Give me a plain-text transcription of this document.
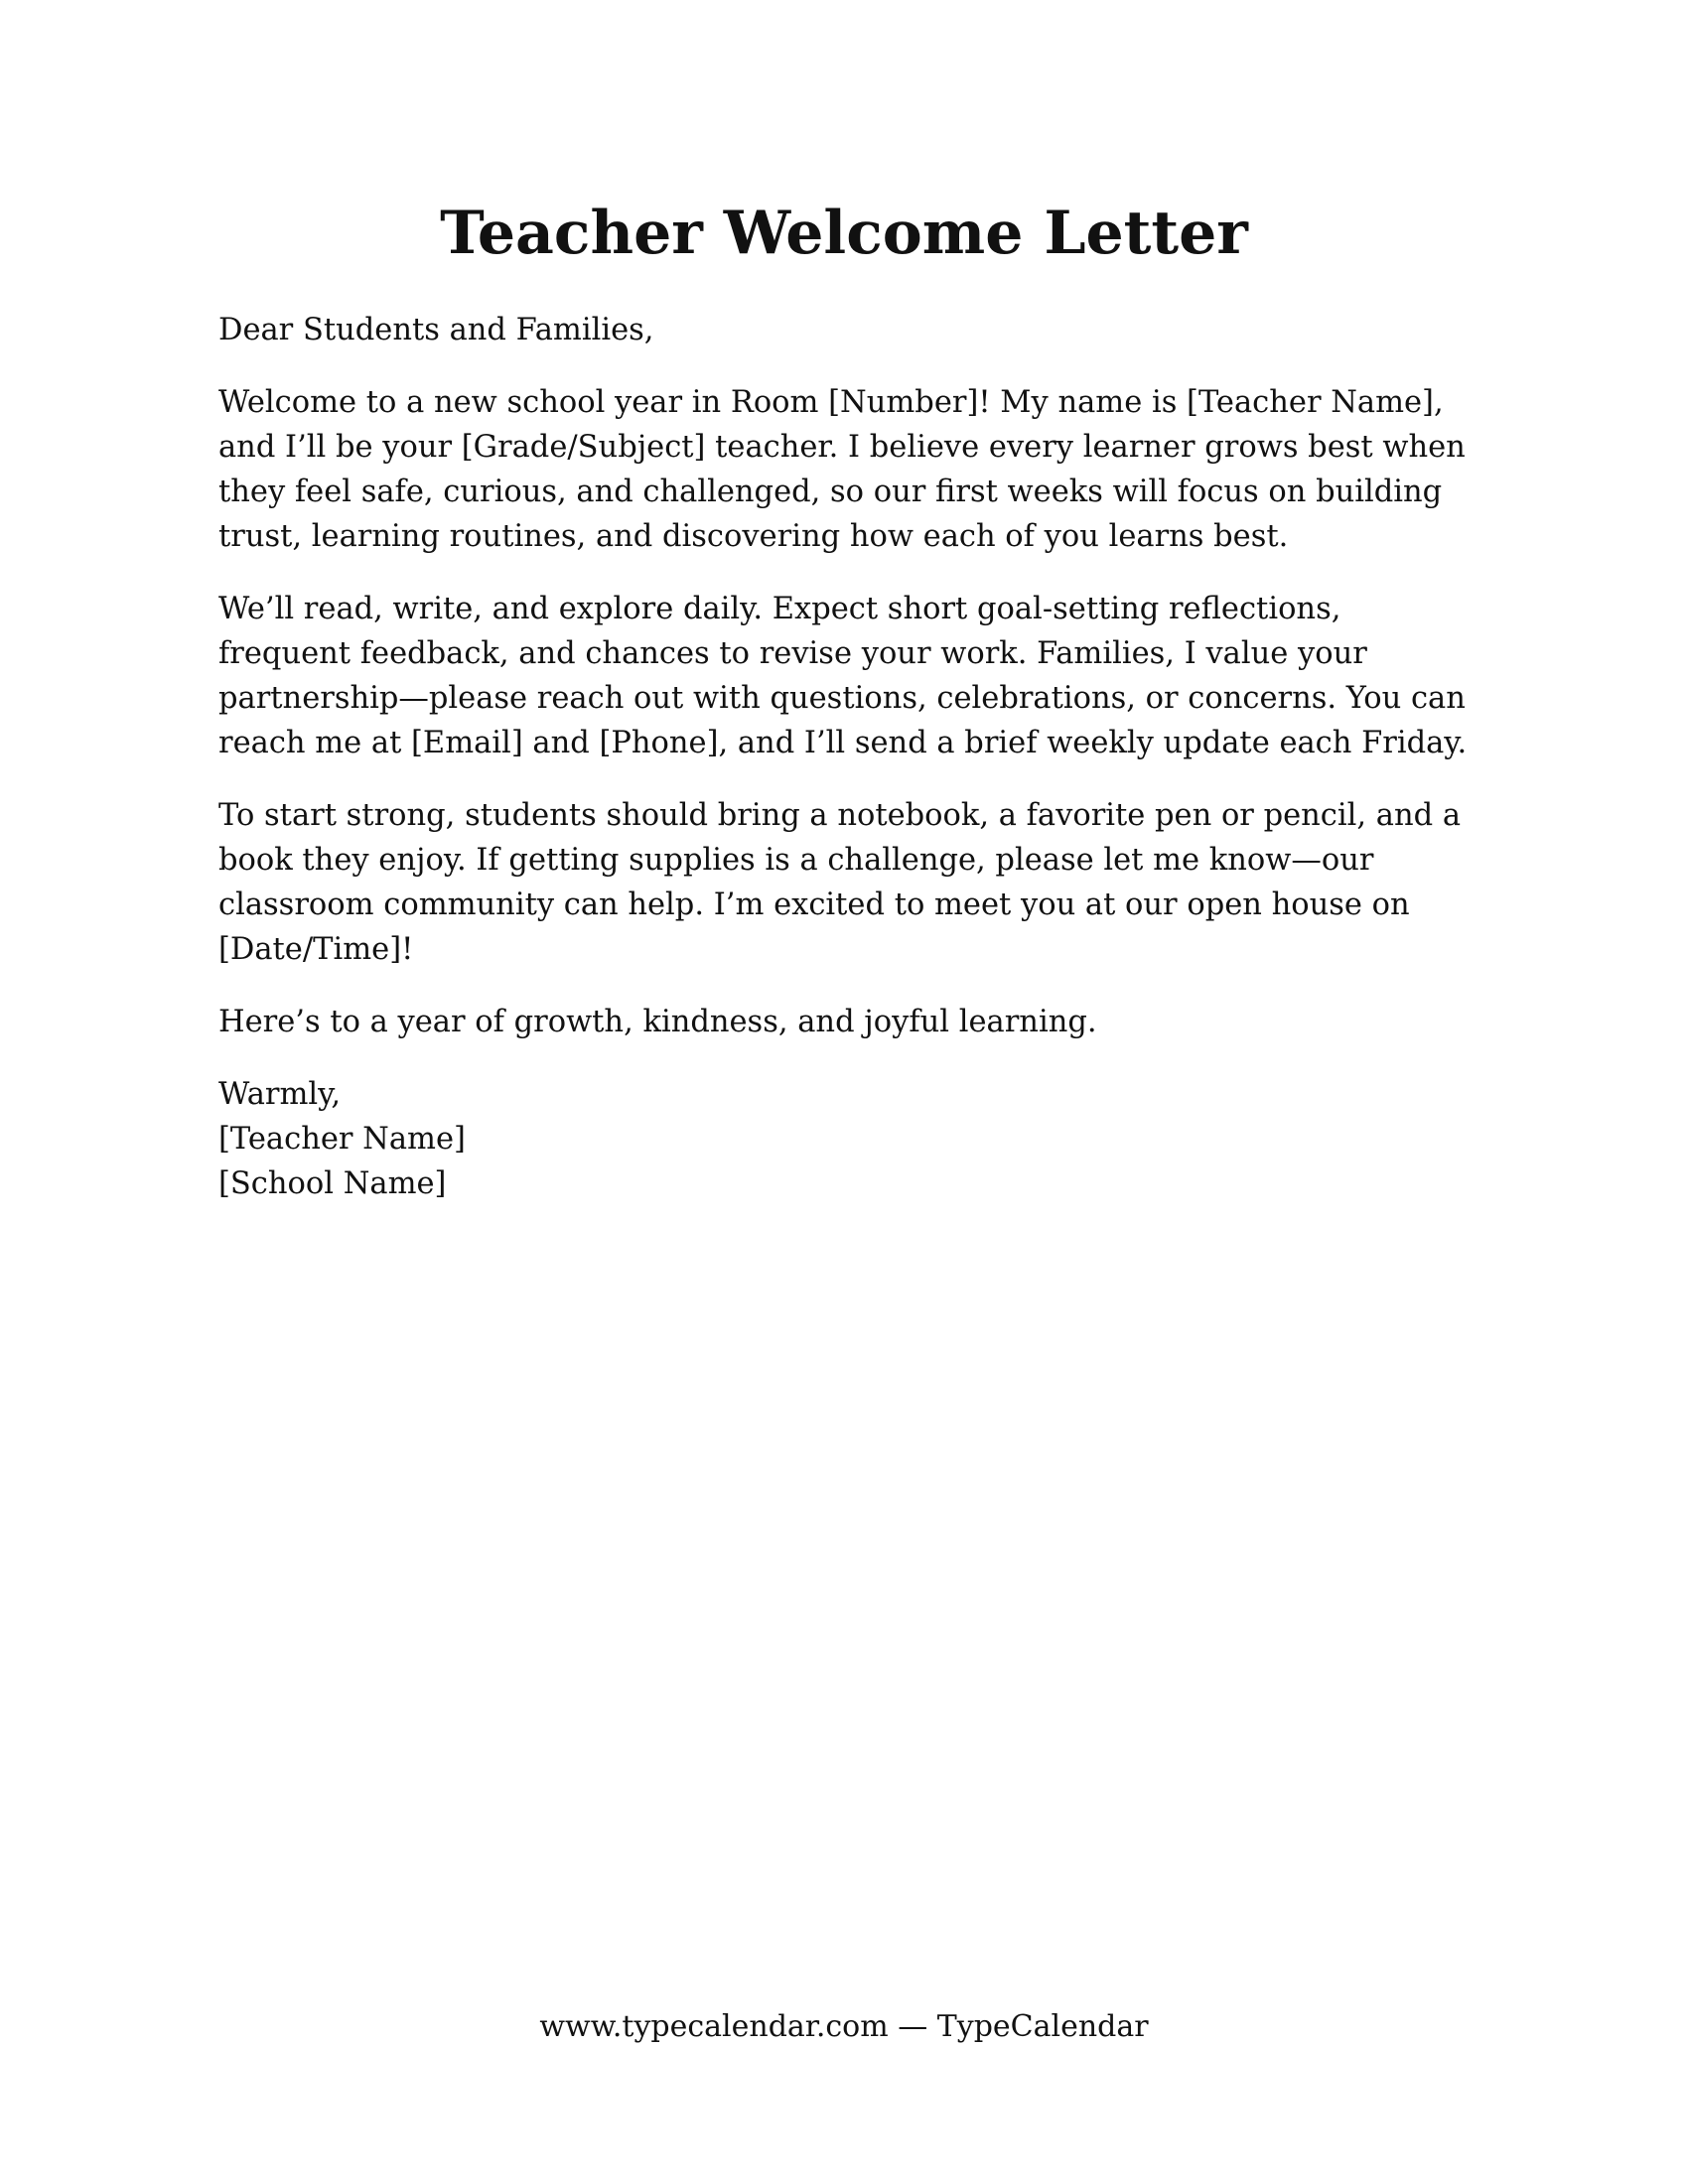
Teacher Welcome Letter

Dear Students and Families,

Welcome to a new school year in Room [Number]! My name is [Teacher Name], and I’ll be your [Grade/Subject] teacher. I believe every learner grows best when they feel safe, curious, and challenged, so our first weeks will focus on building trust, learning routines, and discovering how each of you learns best.

We’ll read, write, and explore daily. Expect short goal-setting reflections, frequent feedback, and chances to revise your work. Families, I value your partnership—please reach out with questions, celebrations, or concerns. You can reach me at [Email] and [Phone], and I’ll send a brief weekly update each Friday.

To start strong, students should bring a notebook, a favorite pen or pencil, and a book they enjoy. If getting supplies is a challenge, please let me know—our classroom community can help. I’m excited to meet you at our open house on [Date/Time]!

Here’s to a year of growth, kindness, and joyful learning.

Warmly,
[Teacher Name]
[School Name]

www.typecalendar.com — TypeCalendar
